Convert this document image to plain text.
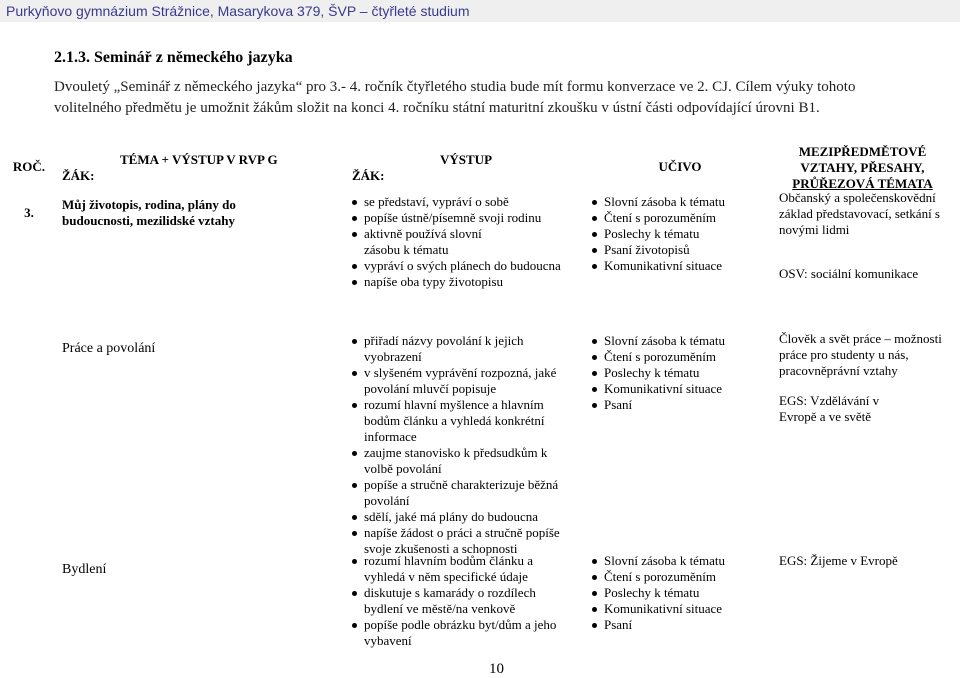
Purkyňovo gymnázium Strážnice, Masarykova 379, ŠVP – čtyřleté studium
2.1.3. Seminář z německého jazyka
Dvouletý „Seminář z německého jazyka“ pro 3.- 4. ročník čtyřletého studia bude mít formu konverzace ve 2. CJ. Cílem výuky tohoto volitelného předmětu je umožnit žákům složit na konci 4. ročníku státní maturitní zkoušku v ústní části odpovídající úrovni B1.
ROČ.	TÉMA + VÝSTUP V RVP G
ŽÁK:
VÝSTUP
ŽÁK:
UČIVO
MEZIPŘEDMĚTOVÉ
VZTAHY, PŘESAHY,
PRŮŘEZOVÁ TÉMATA
3.
Můj životopis, rodina, plány do budoucnosti, mezilidské vztahy
se představí, vypráví o sobě
popíše ústně/písemně svoji rodinu
aktivně používá slovní zásobu k tématu
vypráví o svých plánech do budoucna
napíše oba typy životopisu
Slovní zásoba k tématu
Čtení s porozuměním
Poslechy k tématu
Psaní životopisů
Komunikativní situace
Občanský a společenskovědní základ představovací, setkání s novými lidmi
OSV: sociální komunikace
Práce a povolání
přiřadí názvy povolání k jejich vyobrazení
v slyšeném vyprávění rozpozná, jaké povolání mluvčí popisuje
rozumí hlavní myšlence a hlavním bodům článku a vyhledá konkrétní informace
zaujme stanovisko k předsudkům k volbě povolání
popíše a stručně charakterizuje běžná povolání
sdělí, jaké má plány do budoucna
napíše žádost o práci a stručně popíše svoje zkušenosti a schopnosti
Slovní zásoba k tématu
Čtení s porozuměním
Poslechy k tématu
Komunikativní situace
Psaní
Člověk a svět práce – možnosti práce pro studenty u nás, pracovněprávní vztahy
EGS: Vzdělávání v Evropě a ve světě
Bydlení
rozumí hlavním bodům článku a vyhledá v něm specifické údaje
diskutuje s kamarády o rozdílech bydlení ve městě/na venkově
popíše podle obrázku byt/dům a jeho vybavení
Slovní zásoba k tématu
Čtení s porozuměním
Poslechy k tématu
Komunikativní situace
Psaní
EGS: Žijeme v Evropě
10
